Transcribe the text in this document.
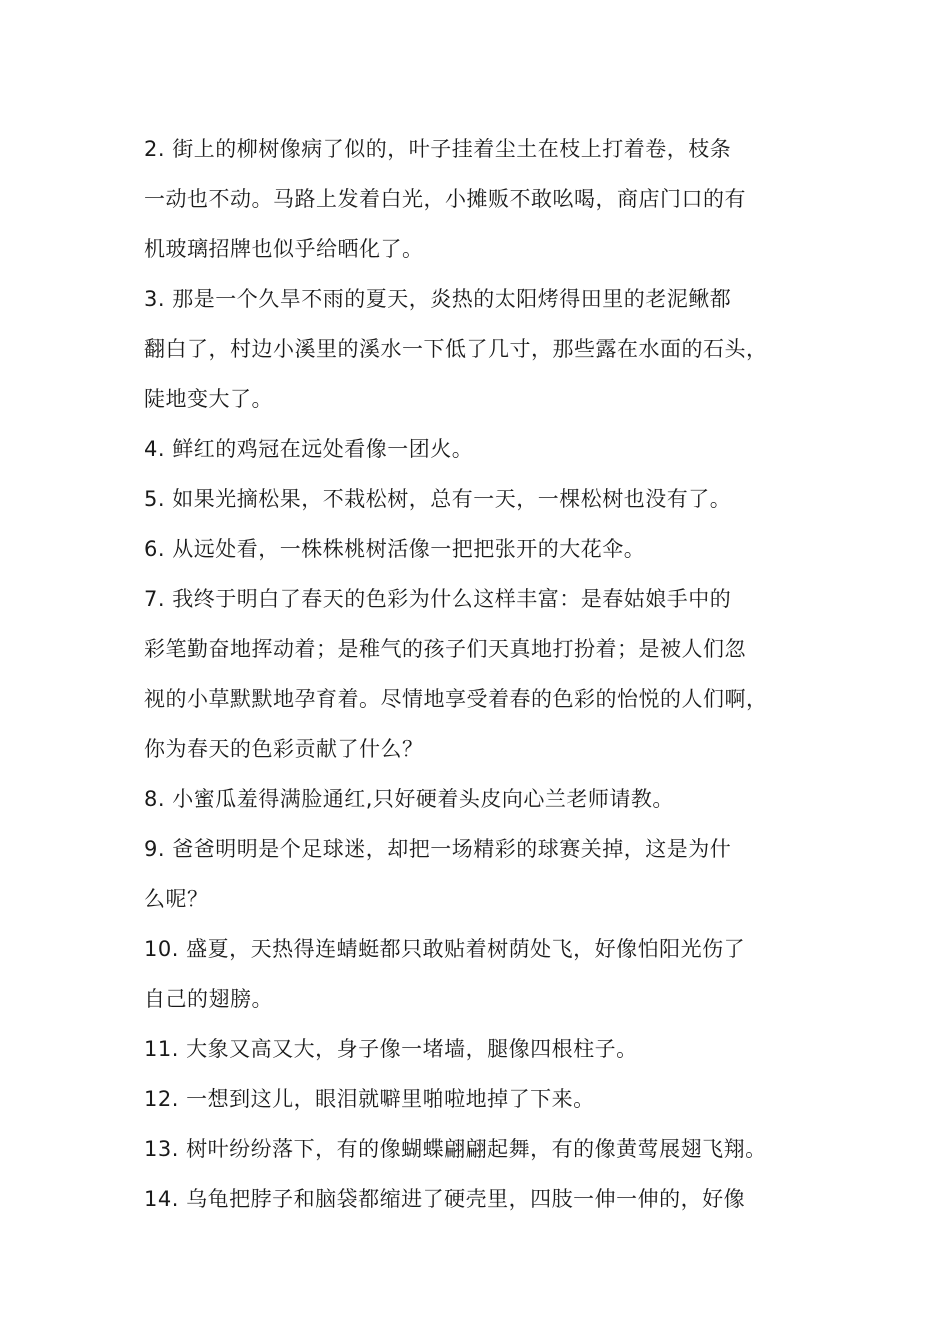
2. 街上的柳树像病了似的，叶子挂着尘土在枝上打着卷，枝条
一动也不动。马路上发着白光，小摊贩不敢吆喝，商店门口的有
机玻璃招牌也似乎给晒化了。
3. 那是一个久旱不雨的夏天，炎热的太阳烤得田里的老泥鳅都
翻白了，村边小溪里的溪水一下低了几寸，那些露在水面的石头，
陡地变大了。
4. 鲜红的鸡冠在远处看像一团火。
5. 如果光摘松果，不栽松树，总有一天，一棵松树也没有了。
6. 从远处看，一株株桃树活像一把把张开的大花伞。
7. 我终于明白了春天的色彩为什么这样丰富：是春姑娘手中的
彩笔勤奋地挥动着；是稚气的孩子们天真地打扮着；是被人们忽
视的小草默默地孕育着。尽情地享受着春的色彩的怡悦的人们啊，
你为春天的色彩贡献了什么？
8. 小蜜瓜羞得满脸通红,只好硬着头皮向心兰老师请教。
9. 爸爸明明是个足球迷，却把一场精彩的球赛关掉，这是为什
么呢？
10. 盛夏，天热得连蜻蜓都只敢贴着树荫处飞，好像怕阳光伤了
自己的翅膀。
11. 大象又高又大，身子像一堵墙，腿像四根柱子。
12. 一想到这儿，眼泪就噼里啪啦地掉了下来。
13. 树叶纷纷落下，有的像蝴蝶翩翩起舞，有的像黄莺展翅飞翔。
14. 乌龟把脖子和脑袋都缩进了硬壳里，四肢一伸一伸的，好像
